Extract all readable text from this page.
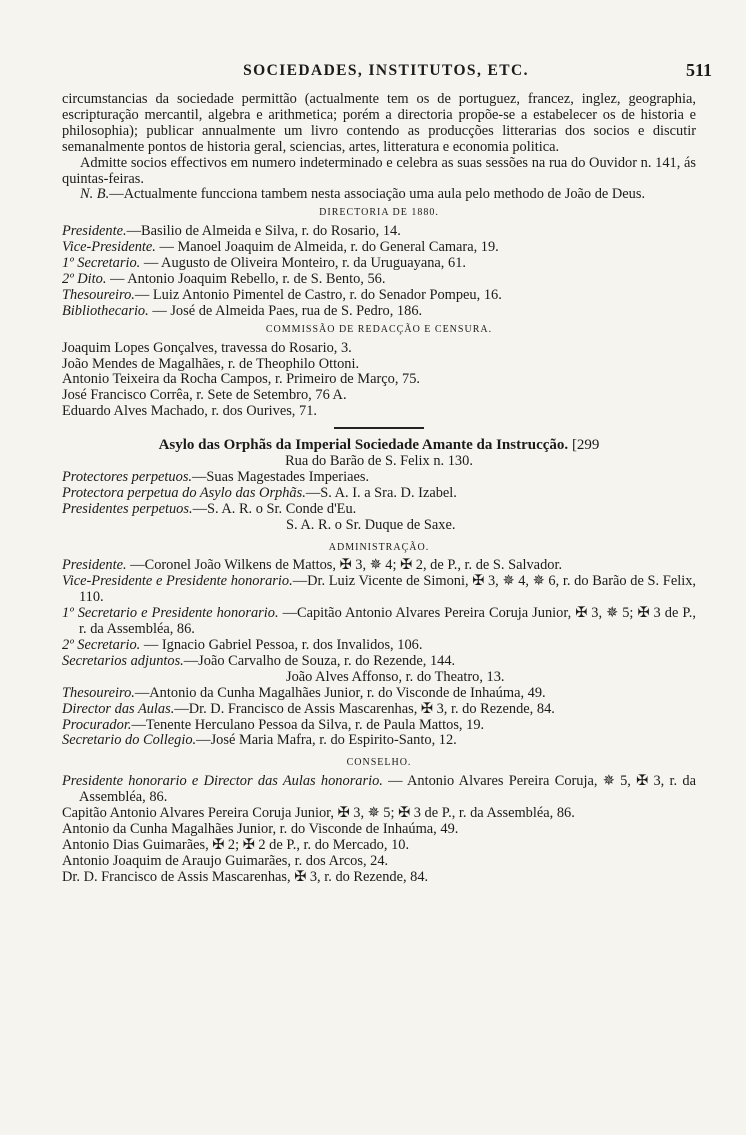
SOCIEDADES, INSTITUTOS, ETC.	511

circumstancias da sociedade permittão (actualmente tem os de portuguez, francez, inglez, geographia, escripturação mercantil, algebra e arithmetica; porém a directoria propõe-se a estabelecer os de historia e philosophia); publicar annualmente um livro contendo as producções litterarias dos socios e discutir semanalmente pontos de historia geral, sciencias, artes, litteratura e economia politica.

Admitte socios effectivos em numero indeterminado e celebra as suas sessões na rua do Ouvidor n. 141, ás quintas-feiras.

N. B.—Actualmente funcciona tambem nesta associação uma aula pelo methodo de João de Deus.

DIRECTORIA DE 1880.

Presidente.—Basilio de Almeida e Silva, r. do Rosario, 14.

Vice-Presidente. — Manoel Joaquim de Almeida, r. do General Camara, 19.

1º Secretario. — Augusto de Oliveira Monteiro, r. da Uruguayana, 61.

2º Dito. — Antonio Joaquim Rebello, r. de S. Bento, 56.

Thesoureiro.— Luiz Antonio Pimentel de Castro, r. do Senador Pompeu, 16.

Bibliothecario. — José de Almeida Paes, rua de S. Pedro, 186.

COMMISSÃO DE REDACÇÃO E CENSURA.

Joaquim Lopes Gonçalves, travessa do Rosario, 3.

João Mendes de Magalhães, r. de Theophilo Ottoni.

Antonio Teixeira da Rocha Campos, r. Primeiro de Março, 75.

José Francisco Corrêa, r. Sete de Setembro, 76 A.

Eduardo Alves Machado, r. dos Ourives, 71.

Asylo das Orphãs da Imperial Sociedade Amante da Instrucção. [299

Rua do Barão de S. Felix n. 130.

Protectores perpetuos.—Suas Magestades Imperiaes.

Protectora perpetua do Asylo das Orphãs.—S. A. I. a Sra. D. Izabel.

Presidentes perpetuos.—S. A. R. o Sr. Conde d'Eu.

S. A. R. o Sr. Duque de Saxe.

ADMINISTRAÇÃO.

Presidente. —Coronel João Wilkens de Mattos, ✠ 3, ✵ 4; ✠ 2, de P., r. de S. Salvador.

Vice-Presidente e Presidente honorario.—Dr. Luiz Vicente de Simoni, ✠ 3, ✵ 4, ✵ 6, r. do Barão de S. Felix, 110.

1º Secretario e Presidente honorario. —Capitão Antonio Alvares Pereira Coruja Junior, ✠ 3, ✵ 5; ✠ 3 de P., r. da Assembléa, 86.

2º Secretario. — Ignacio Gabriel Pessoa, r. dos Invalidos, 106.

Secretarios adjuntos.—João Carvalho de Souza, r. do Rezende, 144.

João Alves Affonso, r. do Theatro, 13.

Thesoureiro.—Antonio da Cunha Magalhães Junior, r. do Visconde de Inhaúma, 49.

Director das Aulas.—Dr. D. Francisco de Assis Mascarenhas, ✠ 3, r. do Rezende, 84.

Procurador.—Tenente Herculano Pessoa da Silva, r. de Paula Mattos, 19.

Secretario do Collegio.—José Maria Mafra, r. do Espirito-Santo, 12.

CONSELHO.

Presidente honorario e Director das Aulas honorario. — Antonio Alvares Pereira Coruja, ✵ 5, ✠ 3, r. da Assembléa, 86.

Capitão Antonio Alvares Pereira Coruja Junior, ✠ 3, ✵ 5; ✠ 3 de P., r. da Assembléa, 86.

Antonio da Cunha Magalhães Junior, r. do Visconde de Inhaúma, 49.

Antonio Dias Guimarães, ✠ 2; ✠ 2 de P., r. do Mercado, 10.

Antonio Joaquim de Araujo Guimarães, r. dos Arcos, 24.

Dr. D. Francisco de Assis Mascarenhas, ✠ 3, r. do Rezende, 84.
